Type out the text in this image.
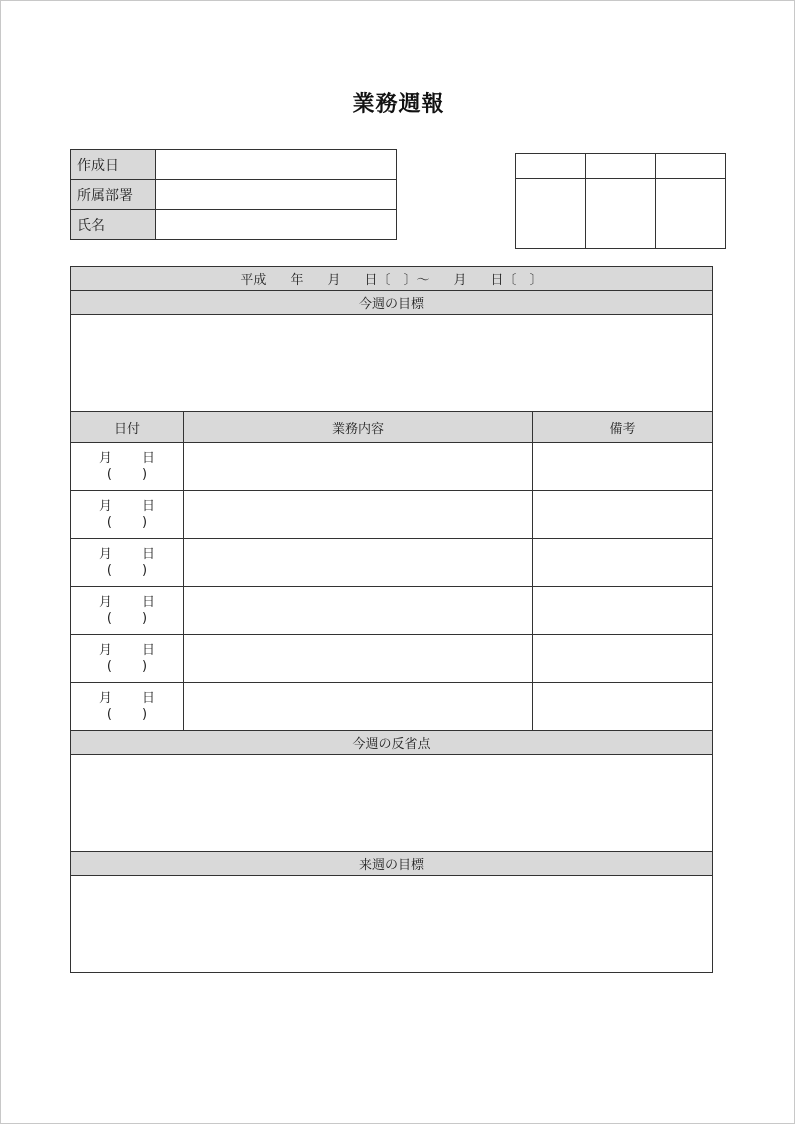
業務週報
作成日	
所属部署	
氏名	

平成 年 月 日〔　〕～ 月 日〔　〕		
今週の目標		

日付	業務内容	備考

月 日
( )		

月 日
( )		

月 日
( )		

月 日
( )		

月 日
( )		

月 日
( )		

今週の反省点		

来週の目標		
